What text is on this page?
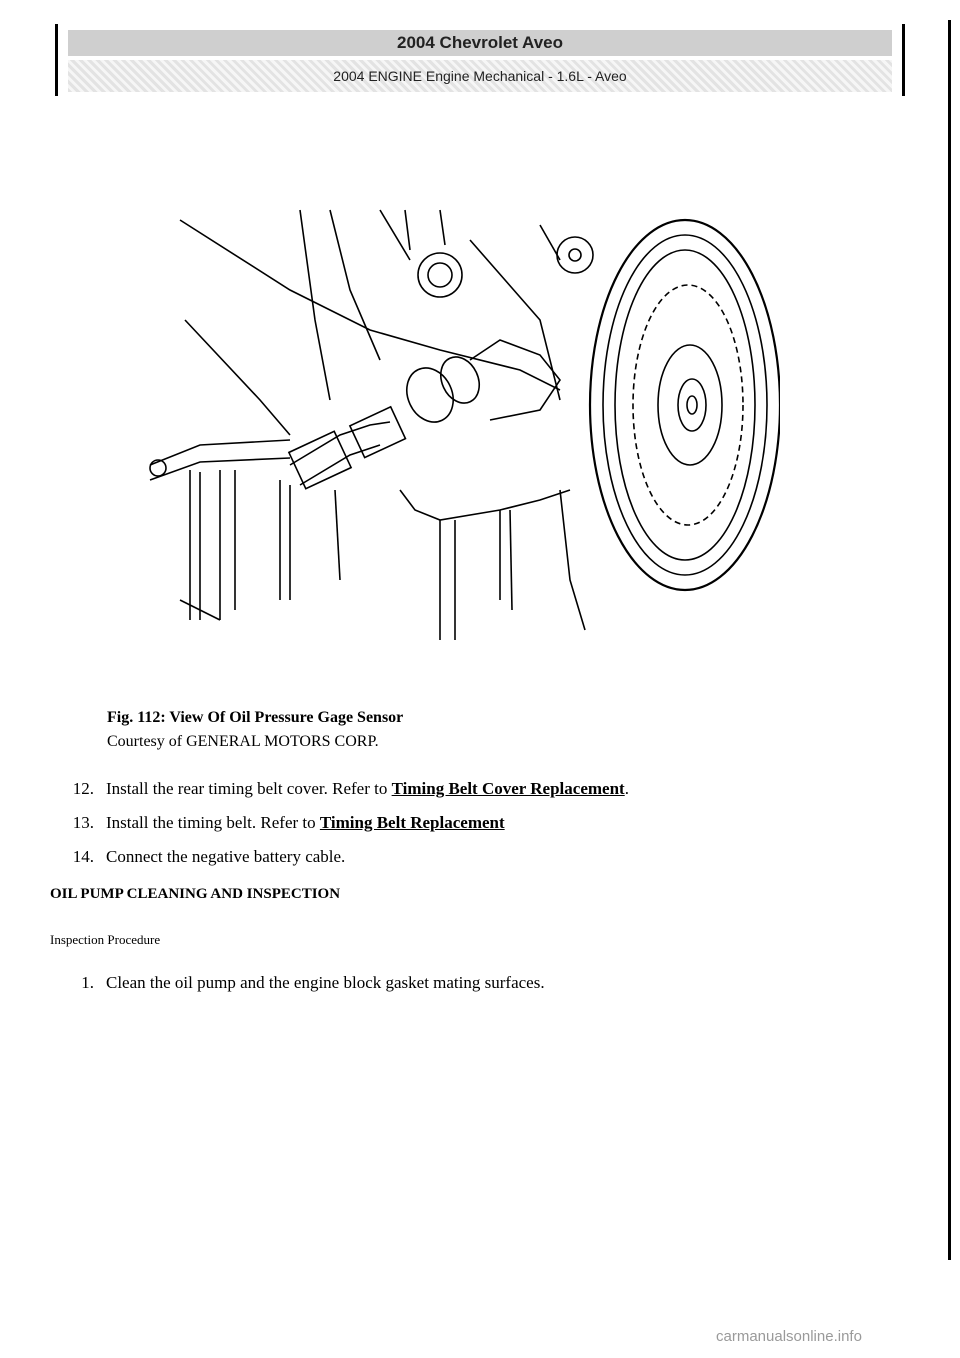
2004 Chevrolet Aveo
2004 ENGINE Engine Mechanical - 1.6L - Aveo
Fig. 112: View Of Oil Pressure Gage Sensor
Courtesy of GENERAL MOTORS CORP.
12. Install the rear timing belt cover. Refer to Timing Belt Cover Replacement.
13. Install the timing belt. Refer to Timing Belt Replacement
14. Connect the negative battery cable.
OIL PUMP CLEANING AND INSPECTION
Inspection Procedure
1. Clean the oil pump and the engine block gasket mating surfaces.
carmanualsonline.info
